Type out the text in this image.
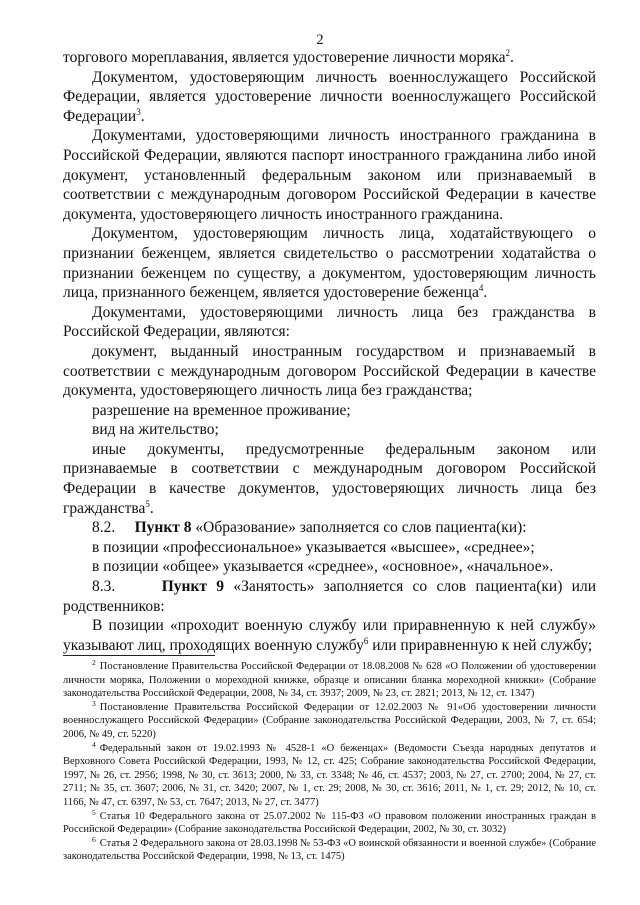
2

торгового мореплавания, является удостоверение личности моряка$^2$.

Документом, удостоверяющим личность военнослужащего Российской Федерации, является удостоверение личности военнослужащего Российской Федерации$^3$.

Документами, удостоверяющими личность иностранного гражданина в Российской Федерации, являются паспорт иностранного гражданина либо иной документ, установленный федеральным законом или признаваемый в соответствии с международным договором Российской Федерации в качестве документа, удостоверяющего личность иностранного гражданина.

Документом, удостоверяющим личность лица, ходатайствующего о признании беженцем, является свидетельство о рассмотрении ходатайства о признании беженцем по существу, а документом, удостоверяющим личность лица, признанного беженцем, является удостоверение беженца$^4$.

Документами, удостоверяющими личность лица без гражданства в Российской Федерации, являются:

документ, выданный иностранным государством и признаваемый в соответствии с международным договором Российской Федерации в качестве документа, удостоверяющего личность лица без гражданства;

разрешение на временное проживание;

вид на жительство;

иные документы, предусмотренные федеральным законом или признаваемые в соответствии с международным договором Российской Федерации в качестве документов, удостоверяющих личность лица без гражданства$^5$.

8.2. Пункт 8 «Образование» заполняется со слов пациента(ки):

в позиции «профессиональное» указывается «высшее», «среднее»;

в позиции «общее» указывается «среднее», «основное», «начальное».

8.3.	Пункт 9 «Занятость» заполняется со слов пациента(ки) или родственников:

В позиции «проходит военную службу или приравненную к ней службу» указывают лиц, проходящих военную службу$^6$ или приравненную к ней службу;

$^2$ Постановление Правительства Российской Федерации от 18.08.2008 № 628 «О Положении об удостоверении личности моряка, Положении о мореходной книжке, образце и описании бланка мореходной книжки» (Собрание законодательства Российской Федерации, 2008, № 34, ст. 3937; 2009, № 23, ст. 2821; 2013, № 12, ст. 1347)

$^3$ Постановление Правительства Российской Федерации от 12.02.2003 № 91«Об удостоверении личности военнослужащего Российской Федерации» (Собрание законодательства Российской Федерации, 2003, № 7, ст. 654; 2006, № 49, ст. 5220)

$^4$ Федеральный закон от 19.02.1993 № 4528-1 «О беженцах» (Ведомости Съезда народных депутатов и Верховного Совета Российской Федерации, 1993, № 12, ст. 425; Собрание законодательства Российской Федерации, 1997, № 26, ст. 2956; 1998, № 30, ст. 3613; 2000, № 33, ст. 3348; № 46, ст. 4537; 2003, № 27, ст. 2700; 2004, № 27, ст. 2711; № 35, ст. 3607; 2006, № 31, ст. 3420; 2007, № 1, ст. 29; 2008, № 30, ст. 3616; 2011, № 1, ст. 29; 2012, № 10, ст. 1166, № 47, ст. 6397, № 53, ст. 7647; 2013, № 27, ст. 3477)

$^5$ Статья 10 Федерального закона от 25.07.2002 № 115-ФЗ «О правовом положении иностранных граждан в Российской Федерации» (Собрание законодательства Российской Федерации, 2002, № 30, ст. 3032)

$^6$ Статья 2 Федерального закона от 28.03.1998 № 53-ФЗ «О воинской обязанности и военной службе» (Собрание законодательства Российской Федерации, 1998, № 13, ст. 1475)
